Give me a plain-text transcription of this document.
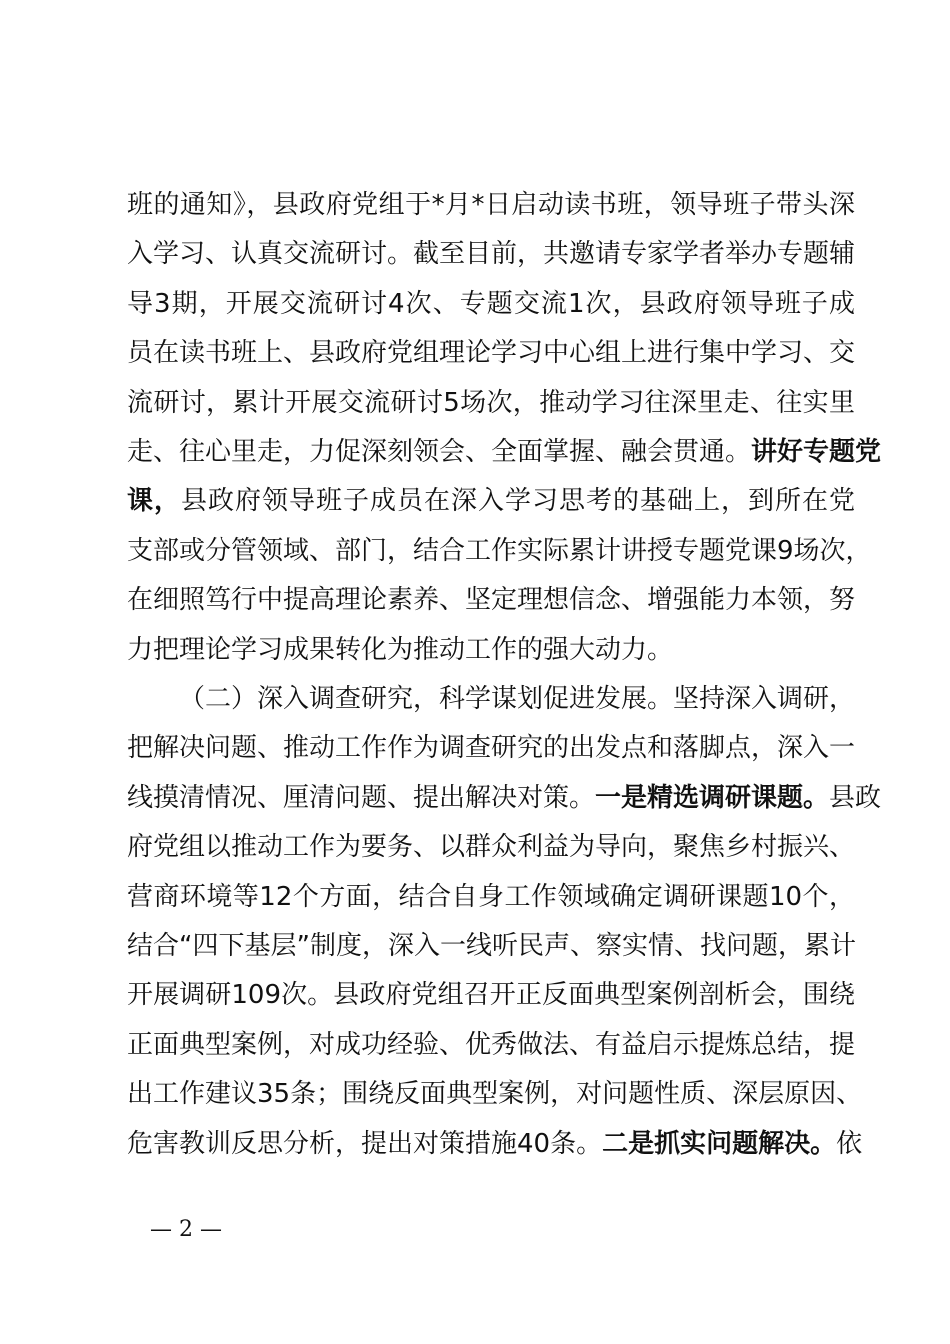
班的通知》，县政府党组于*月*日启动读书班，领导班子带头深
入学习、认真交流研讨。截至目前，共邀请专家学者举办专题辅
导3期，开展交流研讨4次、专题交流1次，县政府领导班子成
员在读书班上、县政府党组理论学习中心组上进行集中学习、交
流研讨，累计开展交流研讨5场次，推动学习往深里走、往实里
走、往心里走，力促深刻领会、全面掌握、融会贯通。讲好专题党
课，县政府领导班子成员在深入学习思考的基础上，到所在党
支部或分管领域、部门，结合工作实际累计讲授专题党课9场次，
在细照笃行中提高理论素养、坚定理想信念、增强能力本领，努
力把理论学习成果转化为推动工作的强大动力。
（二）深入调查研究，科学谋划促进发展。坚持深入调研，
把解决问题、推动工作作为调查研究的出发点和落脚点，深入一
线摸清情况、厘清问题、提出解决对策。一是精选调研课题。县政
府党组以推动工作为要务、以群众利益为导向，聚焦乡村振兴、
营商环境等12个方面，结合自身工作领域确定调研课题10个，
结合“四下基层”制度，深入一线听民声、察实情、找问题，累计
开展调研109次。县政府党组召开正反面典型案例剖析会，围绕
正面典型案例，对成功经验、优秀做法、有益启示提炼总结，提
出工作建议35条；围绕反面典型案例，对问题性质、深层原因、
危害教训反思分析，提出对策措施40条。二是抓实问题解决。依
— 2 —
